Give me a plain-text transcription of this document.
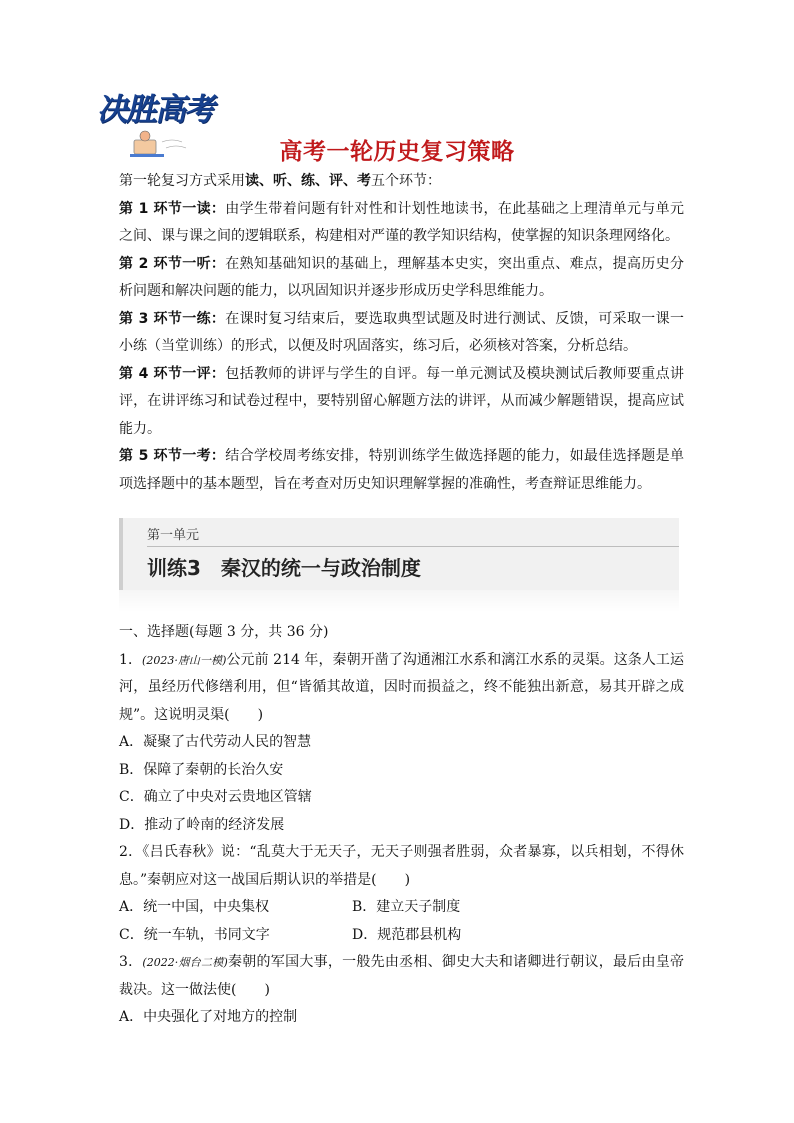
决胜高考
高考一轮历史复习策略

第一轮复习方式采用读、听、练、评、考五个环节：

第 1 环节一读：由学生带着问题有针对性和计划性地读书，在此基础之上理清单元与单元之间、课与课之间的逻辑联系，构建相对严谨的教学知识结构，使掌握的知识条理网络化。

第 2 环节一听：在熟知基础知识的基础上，理解基本史实，突出重点、难点，提高历史分析问题和解决问题的能力，以巩固知识并逐步形成历史学科思维能力。

第 3 环节一练：在课时复习结束后，要选取典型试题及时进行测试、反馈，可采取一课一小练（当堂训练）的形式，以便及时巩固落实，练习后，必须核对答案，分析总结。

第 4 环节一评：包括教师的讲评与学生的自评。每一单元测试及模块测试后教师要重点讲评，在讲评练习和试卷过程中，要特别留心解题方法的讲评，从而减少解题错误，提高应试能力。

第 5 环节一考：结合学校周考练安排，特别训练学生做选择题的能力，如最佳选择题是单项选择题中的基本题型，旨在考查对历史知识理解掌握的准确性，考查辩证思维能力。

第一单元
训练3　秦汉的统一与政治制度

一、选择题(每题 3 分，共 36 分)

1．(2023·唐山一模)公元前 214 年，秦朝开凿了沟通湘江水系和漓江水系的灵渠。这条人工运河，虽经历代修缮利用，但“皆循其故道，因时而损益之，终不能独出新意，易其开辟之成规”。这说明灵渠(　　)

A．凝聚了古代劳动人民的智慧

B．保障了秦朝的长治久安

C．确立了中央对云贵地区管辖

D．推动了岭南的经济发展

2．《吕氏春秋》说：“乱莫大于无天子，无天子则强者胜弱，众者暴寡，以兵相刬，不得休息。”秦朝应对这一战国后期认识的举措是(　　)

A．统一中国，中央集权	B．建立天子制度
C．统一车轨，书同文字	D．规范郡县机构

3．(2022·烟台二模)秦朝的军国大事，一般先由丞相、御史大夫和诸卿进行朝议，最后由皇帝裁决。这一做法使(　　)

A．中央强化了对地方的控制
